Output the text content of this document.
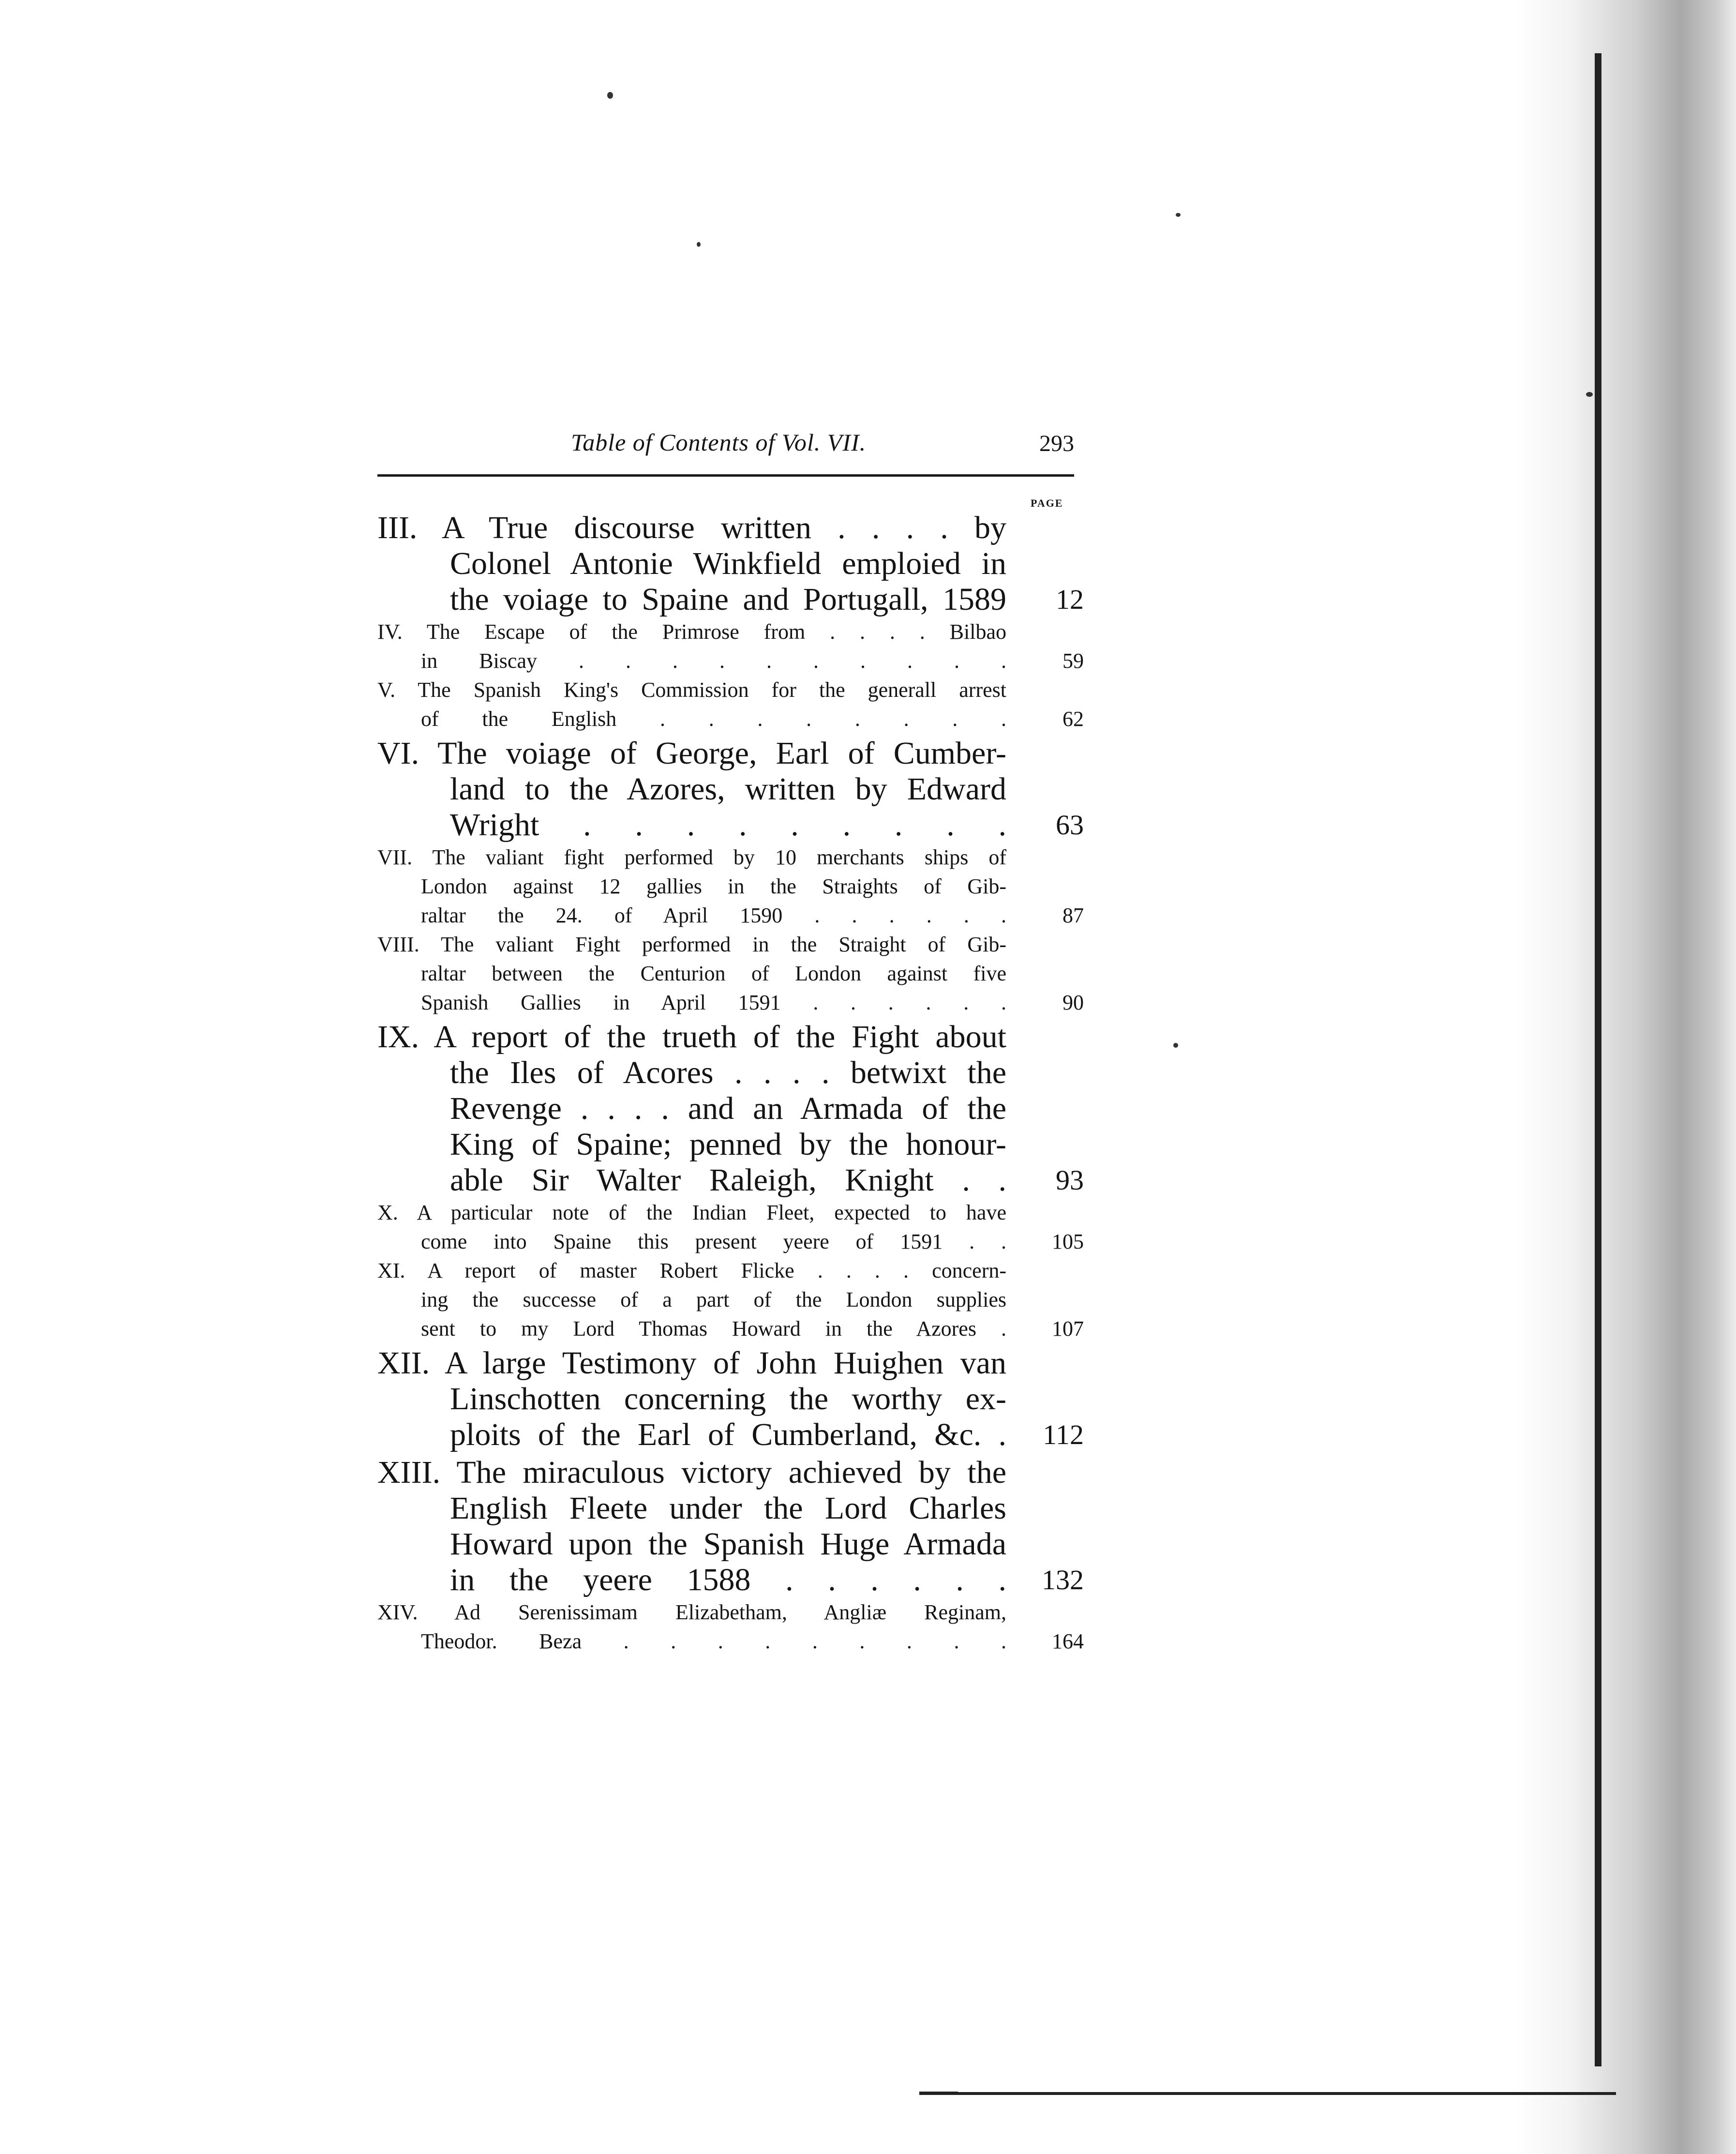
Table of Contents of Vol. VII.	293
PAGE
III. A True discourse written . . . . by
Colonel Antonie Winkfield emploied in
the voiage to Spaine and Portugall, 1589	12
IV. The Escape of the Primrose from . . . . Bilbao
in Biscay . . . . . . . . . .	59
V. The Spanish King's Commission for the generall arrest
of the English . . . . . . . .	62
VI. The voiage of George, Earl of Cumber-
land to the Azores, written by Edward
Wright . . . . . . . . .	63
VII. The valiant fight performed by 10 merchants ships of
London against 12 gallies in the Straights of Gib-
raltar the 24. of April 1590 . . . . . .	87
VIII. The valiant Fight performed in the Straight of Gib-
raltar between the Centurion of London against five
Spanish Gallies in April 1591 . . . . . .	90
IX. A report of the trueth of the Fight about
the Iles of Acores . . . . betwixt the
Revenge . . . . and an Armada of the
King of Spaine; penned by the honour-
able Sir Walter Raleigh, Knight . .	93
X. A particular note of the Indian Fleet, expected to have
come into Spaine this present yeere of 1591 . .	105
XI. A report of master Robert Flicke . . . . concern-
ing the successe of a part of the London supplies
sent to my Lord Thomas Howard in the Azores .	107
XII. A large Testimony of John Huighen van
Linschotten concerning the worthy ex-
ploits of the Earl of Cumberland, &c. .	112
XIII. The miraculous victory achieved by the
English Fleete under the Lord Charles
Howard upon the Spanish Huge Armada
in the yeere 1588 . . . . . .	132
XIV. Ad Serenissimam Elizabetham, Angliæ Reginam,
Theodor. Beza . . . . . . . . .	164
